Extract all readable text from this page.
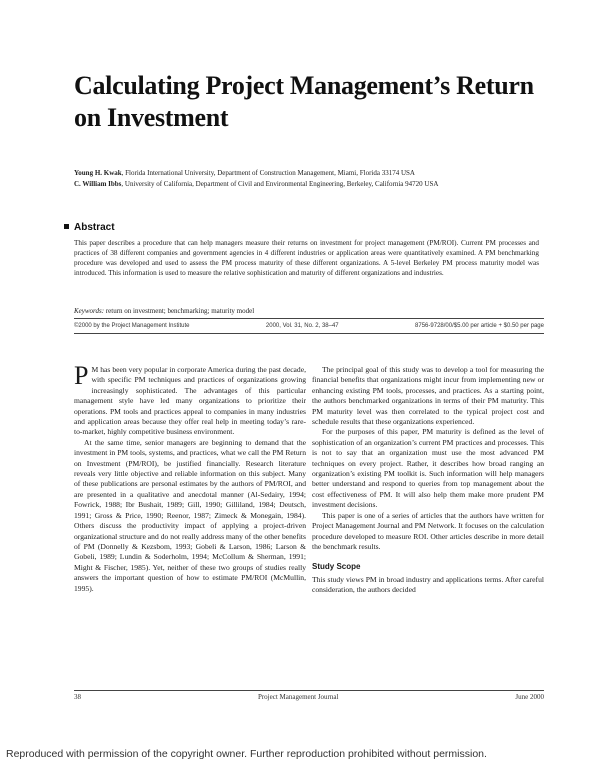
Calculating Project Management’s Return on Investment
Young H. Kwak, Florida International University, Department of Construction Management, Miami, Florida 33174 USA
C. William Ibbs, University of California, Department of Civil and Environmental Engineering, Berkeley, California 94720 USA
Abstract
This paper describes a procedure that can help managers measure their returns on investment for project management (PM/ROI). Current PM processes and practices of 38 different companies and government agencies in 4 different industries or application areas were quantitatively examined. A PM benchmarking procedure was developed and used to assess the PM process maturity of these different organizations. A 5-level Berkeley PM process maturity model was introduced. This information is used to measure the relative sophistication and maturity of different organizations and industries.
Keywords: return on investment; benchmarking; maturity model
©2000 by the Project Management Institute	2000, Vol. 31, No. 2, 38–47	8756-9728/00/$5.00 per article + $0.50 per page

P M has been very popular in corporate America during the past decade, with specific PM techniques and practices of organizations growing increasingly sophisticated. The advantages of this particular management style have led many organizations to prioritize their operations. PM tools and practices appeal to companies in many industries and application areas because they offer real help in meeting today’s rare-to-market, highly competitive business environment.

At the same time, senior managers are beginning to demand that the investment in PM tools, systems, and practices, what we call the PM Return on Investment (PM/ROI), be justified financially. Research literature reveals very little objective and reliable information on this subject. Many of these publications are personal estimates by the authors of PM/ROI, and are presented in a qualitative and anecdotal manner (Al-Sedairy, 1994; Fowrick, 1988; Ibr Bushait, 1989; Gill, 1990; Gilliland, 1984; Deutsch, 1991; Gross & Price, 1990; Reenor, 1987; Zimeck & Monegain, 1984). Others discuss the productivity impact of applying a project-driven organizational structure and do not really address many of the other benefits of PM (Donnelly & Kezsbom, 1993; Gobeli & Larson, 1986; Larson & Gobeli, 1989; Lundin & Soderholm, 1994; McCollum & Sherman, 1991; Might & Fischer, 1985). Yet, neither of these two groups of studies really answers the important question of how to estimate PM/ROI (McMullin, 1995).

The principal goal of this study was to develop a tool for measuring the financial benefits that organizations might incur from implementing new or enhancing existing PM tools, processes, and practices. As a starting point, the authors benchmarked organizations in terms of their PM maturity. This PM maturity level was then correlated to the typical project cost and schedule results that these organizations experienced.

For the purposes of this paper, PM maturity is defined as the level of sophistication of an organization’s current PM practices and processes. This is not to say that an organization must use the most advanced PM techniques on every project. Rather, it describes how broad ranging an organization’s existing PM toolkit is. Such information will help managers better understand and respond to queries from top management about the cost effectiveness of PM. It will also help them make more prudent PM investment decisions.

This paper is one of a series of articles that the authors have written for Project Management Journal and PM Network. It focuses on the calculation procedure developed to measure ROI. Other articles describe in more detail the benchmark results.

Study Scope

This study views PM in broad industry and applications terms. After careful consideration, the authors decided

38	Project Management Journal	June 2000
Reproduced with permission of the copyright owner. Further reproduction prohibited without permission.
